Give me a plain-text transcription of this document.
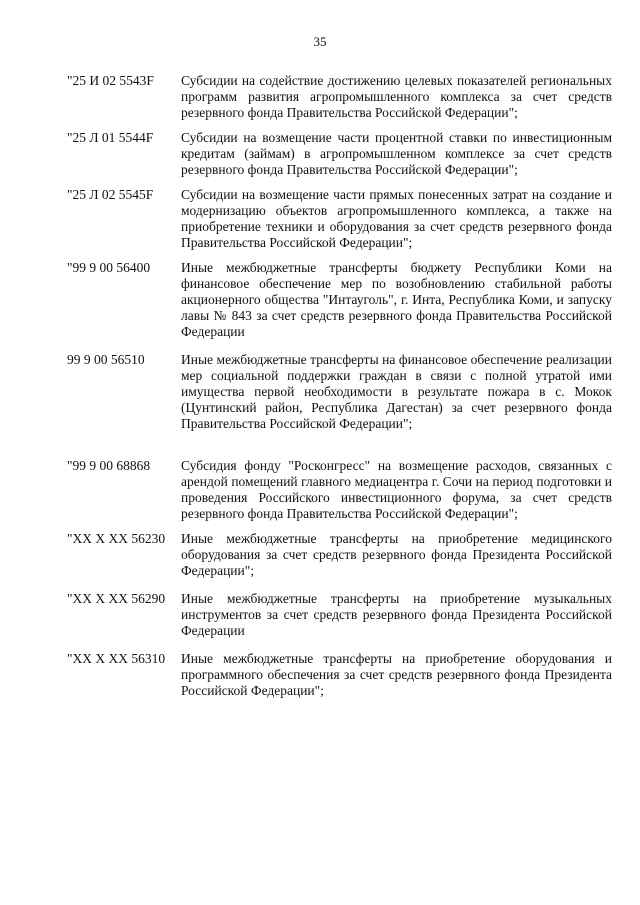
35
"25 И 02 5543F	Субсидии на содействие достижению целевых показателей региональных программ развития агропромышленного комплекса за счет средств резервного фонда Правительства Российской Федерации";
"25 Л 01 5544F	Субсидии на возмещение части процентной ставки по инвестиционным кредитам (займам) в агропромышленном комплексе за счет средств резервного фонда Правительства Российской Федерации";
"25 Л 02 5545F	Субсидии на возмещение части прямых понесенных затрат на создание и модернизацию объектов агропромышленного комплекса, а также на приобретение техники и оборудования за счет средств резервного фонда Правительства Российской Федерации";
"99 9 00 56400	Иные межбюджетные трансферты бюджету Республики Коми на финансовое обеспечение мер по возобновлению стабильной работы акционерного общества "Интауголь", г. Инта, Республика Коми, и запуску лавы № 843 за счет средств резервного фонда Правительства Российской Федерации
99 9 00 56510	Иные межбюджетные трансферты на финансовое обеспечение реализации мер социальной поддержки граждан в связи с полной утратой ими имущества первой необходимости в результате пожара в с. Мокок (Цунтинский район, Республика Дагестан) за счет резервного фонда Правительства Российской Федерации";
"99 9 00 68868	Субсидия фонду "Росконгресс" на возмещение расходов, связанных с арендой помещений главного медиацентра г. Сочи на период подготовки и проведения Российского инвестиционного форума, за счет средств резервного фонда Правительства Российской Федерации";
"ХХ Х ХХ 56230	Иные межбюджетные трансферты на приобретение медицинского оборудования за счет средств резервного фонда Президента Российской Федерации";
"ХХ Х ХХ 56290	Иные межбюджетные трансферты на приобретение музыкальных инструментов за счет средств резервного фонда Президента Российской Федерации
"ХХ Х ХХ 56310	Иные межбюджетные трансферты на приобретение оборудования и программного обеспечения за счет средств резервного фонда Президента Российской Федерации";
